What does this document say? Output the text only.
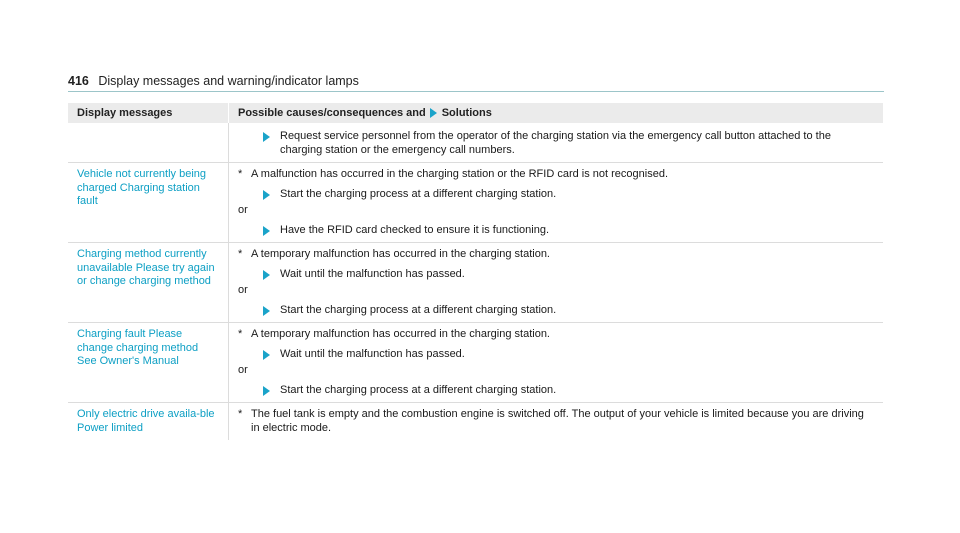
416 Display messages and warning/indicator lamps
Display messages	Possible causes/consequences and Solutions
Request service personnel from the operator of the charging station via the emergency call button attached to the charging station or the emergency call numbers.
Vehicle not currently being charged Charging station fault
* A malfunction has occurred in the charging station or the RFID card is not recognised.
Start the charging process at a different charging station.
or
Have the RFID card checked to ensure it is functioning.
Charging method currently unavailable Please try again or change charging method
* A temporary malfunction has occurred in the charging station.
Wait until the malfunction has passed.
or
Start the charging process at a different charging station.
Charging fault Please change charging method See Owner's Manual
* A temporary malfunction has occurred in the charging station.
Wait until the malfunction has passed.
or
Start the charging process at a different charging station.
Only electric drive availa-ble Power limited
* The fuel tank is empty and the combustion engine is switched off. The output of your vehicle is limited because you are driving in electric mode.
